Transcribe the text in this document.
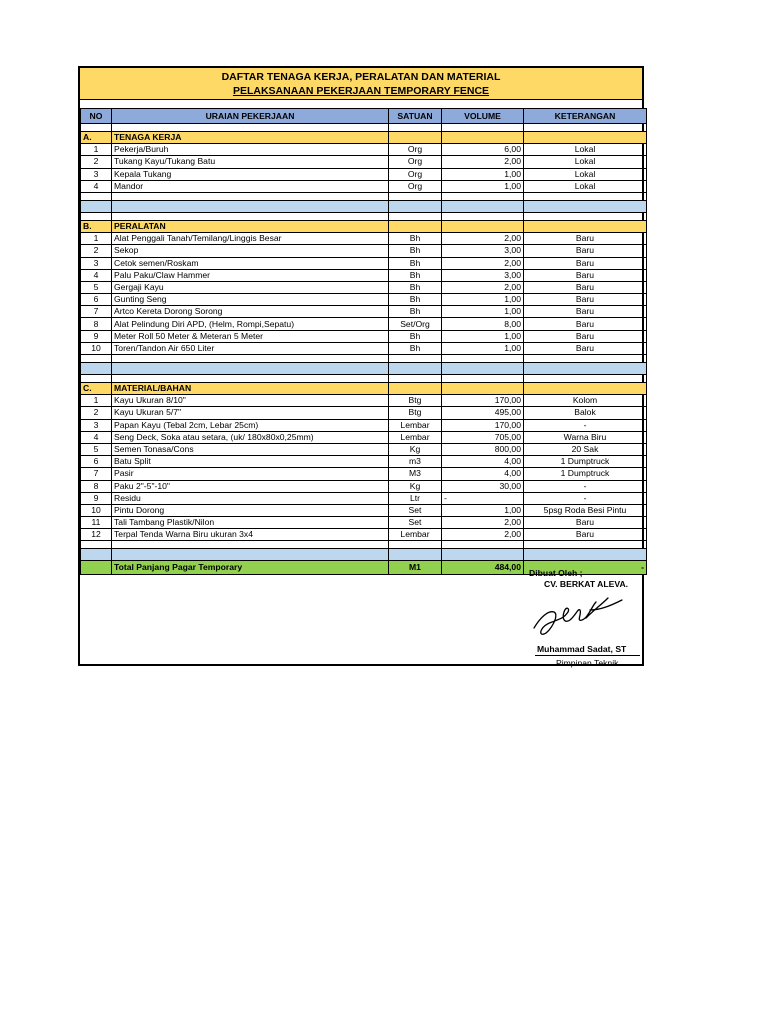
DAFTAR TENAGA KERJA, PERALATAN DAN MATERIAL
PELAKSANAAN PEKERJAAN TEMPORARY FENCE
NO	URAIAN PEKERJAAN	SATUAN	VOLUME	KETERANGAN

A.	TENAGA KERJA			
1	Pekerja/Buruh	Org	6,00	Lokal
2	Tukang Kayu/Tukang Batu	Org	2,00	Lokal
3	Kepala Tukang	Org	1,00	Lokal
4	Mandor	Org	1,00	Lokal

B.	PERALATAN			
1	Alat Penggali Tanah/Temilang/Linggis Besar	Bh	2,00	Baru
2	Sekop	Bh	3,00	Baru
3	Cetok semen/Roskam	Bh	2,00	Baru
4	Palu Paku/Claw Hammer	Bh	3,00	Baru
5	Gergaji Kayu	Bh	2,00	Baru
6	Gunting Seng	Bh	1,00	Baru
7	Artco Kereta Dorong Sorong	Bh	1,00	Baru
8	Alat Pelindung Diri APD, (Helm, Rompi,Sepatu)	Set/Org	8,00	Baru
9	Meter Roll 50 Meter & Meteran 5 Meter	Bh	1,00	Baru
10	Toren/Tandon Air 650 Liter	Bh	1,00	Baru

C.	MATERIAL/BAHAN			
1	Kayu Ukuran 8/10"	Btg	170,00	Kolom
2	Kayu Ukuran 5/7"	Btg	495,00	Balok
3	Papan Kayu (Tebal 2cm, Lebar 25cm)	Lembar	170,00	-
4	Seng Deck, Soka atau setara, (uk/ 180x80x0,25mm)	Lembar	705,00	Warna Biru
5	Semen Tonasa/Cons	Kg	800,00	20 Sak
6	Batu Split	m3	4,00	1 Dumptruck
7	Pasir	M3	4,00	1 Dumptruck
8	Paku 2"-5"-10"	Kg	30,00	-
9	Residu	Ltr	-	-
10	Pintu Dorong	Set	1,00	5psg Roda Besi Pintu
11	Tali Tambang Plastik/Nilon	Set	2,00	Baru
12	Terpal Tenda Warna Biru ukuran 3x4	Lembar	2,00	Baru

	Total Panjang Pagar Temporary	M1	484,00	-
Dibuat Oleh ;
CV. BERKAT ALEVA.
Muhammad Sadat, ST
Pimpinan Teknik
